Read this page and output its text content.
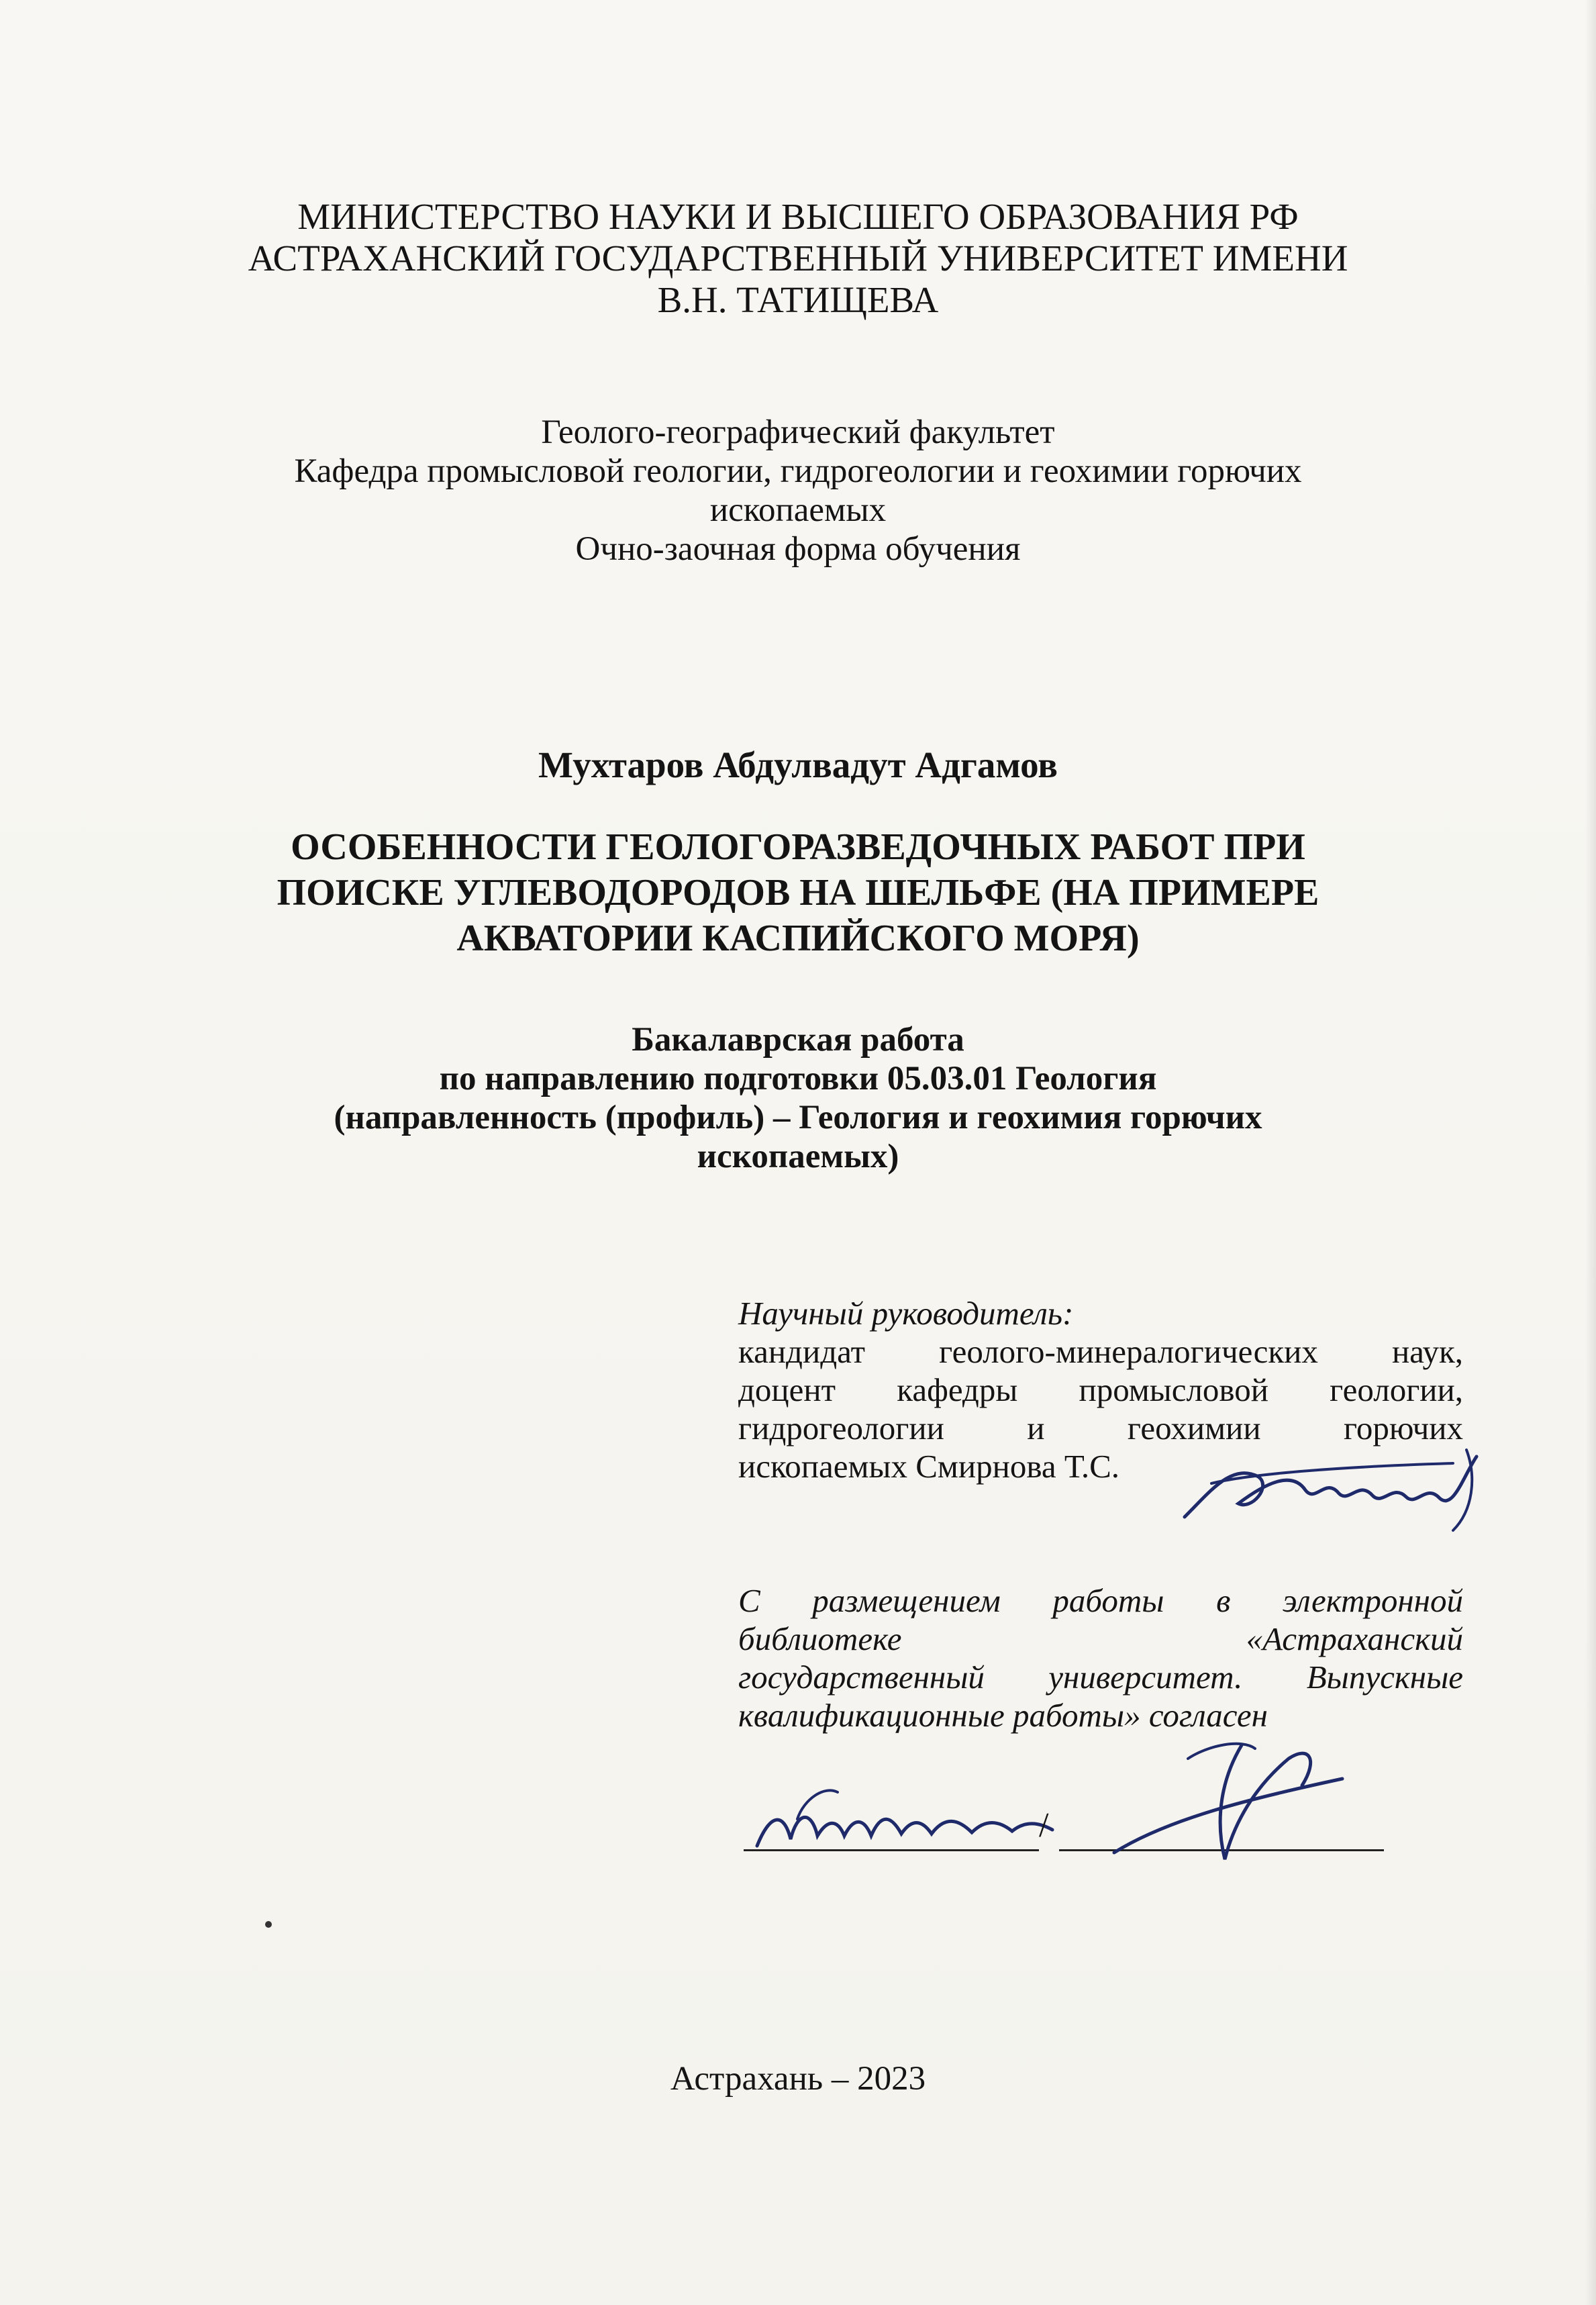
МИНИСТЕРСТВО НАУКИ И ВЫСШЕГО ОБРАЗОВАНИЯ РФ
АСТРАХАНСКИЙ ГОСУДАРСТВЕННЫЙ УНИВЕРСИТЕТ ИМЕНИ
В.Н. ТАТИЩЕВА
Геолого-географический факультет
Кафедра промысловой геологии, гидрогеологии и геохимии горючих
ископаемых
Очно-заочная форма обучения
Мухтаров Абдулвадут Адгамов
ОСОБЕННОСТИ ГЕОЛОГОРАЗВЕДОЧНЫХ РАБОТ ПРИ
ПОИСКЕ УГЛЕВОДОРОДОВ НА ШЕЛЬФЕ (НА ПРИМЕРЕ
АКВАТОРИИ КАСПИЙСКОГО МОРЯ)
Бакалаврская работа
по направлению подготовки 05.03.01 Геология
(направленность (профиль) – Геология и геохимия горючих
ископаемых)
Научный руководитель:
кандидат геолого-минералогических наук,
доцент кафедры промысловой геологии,
гидрогеологии и геохимии горючих
ископаемых Смирнова Т.С.
С размещением работы в электронной
библиотеке «Астраханский
государственный университет. Выпускные
квалификационные работы» согласен
/
Астрахань – 2023
